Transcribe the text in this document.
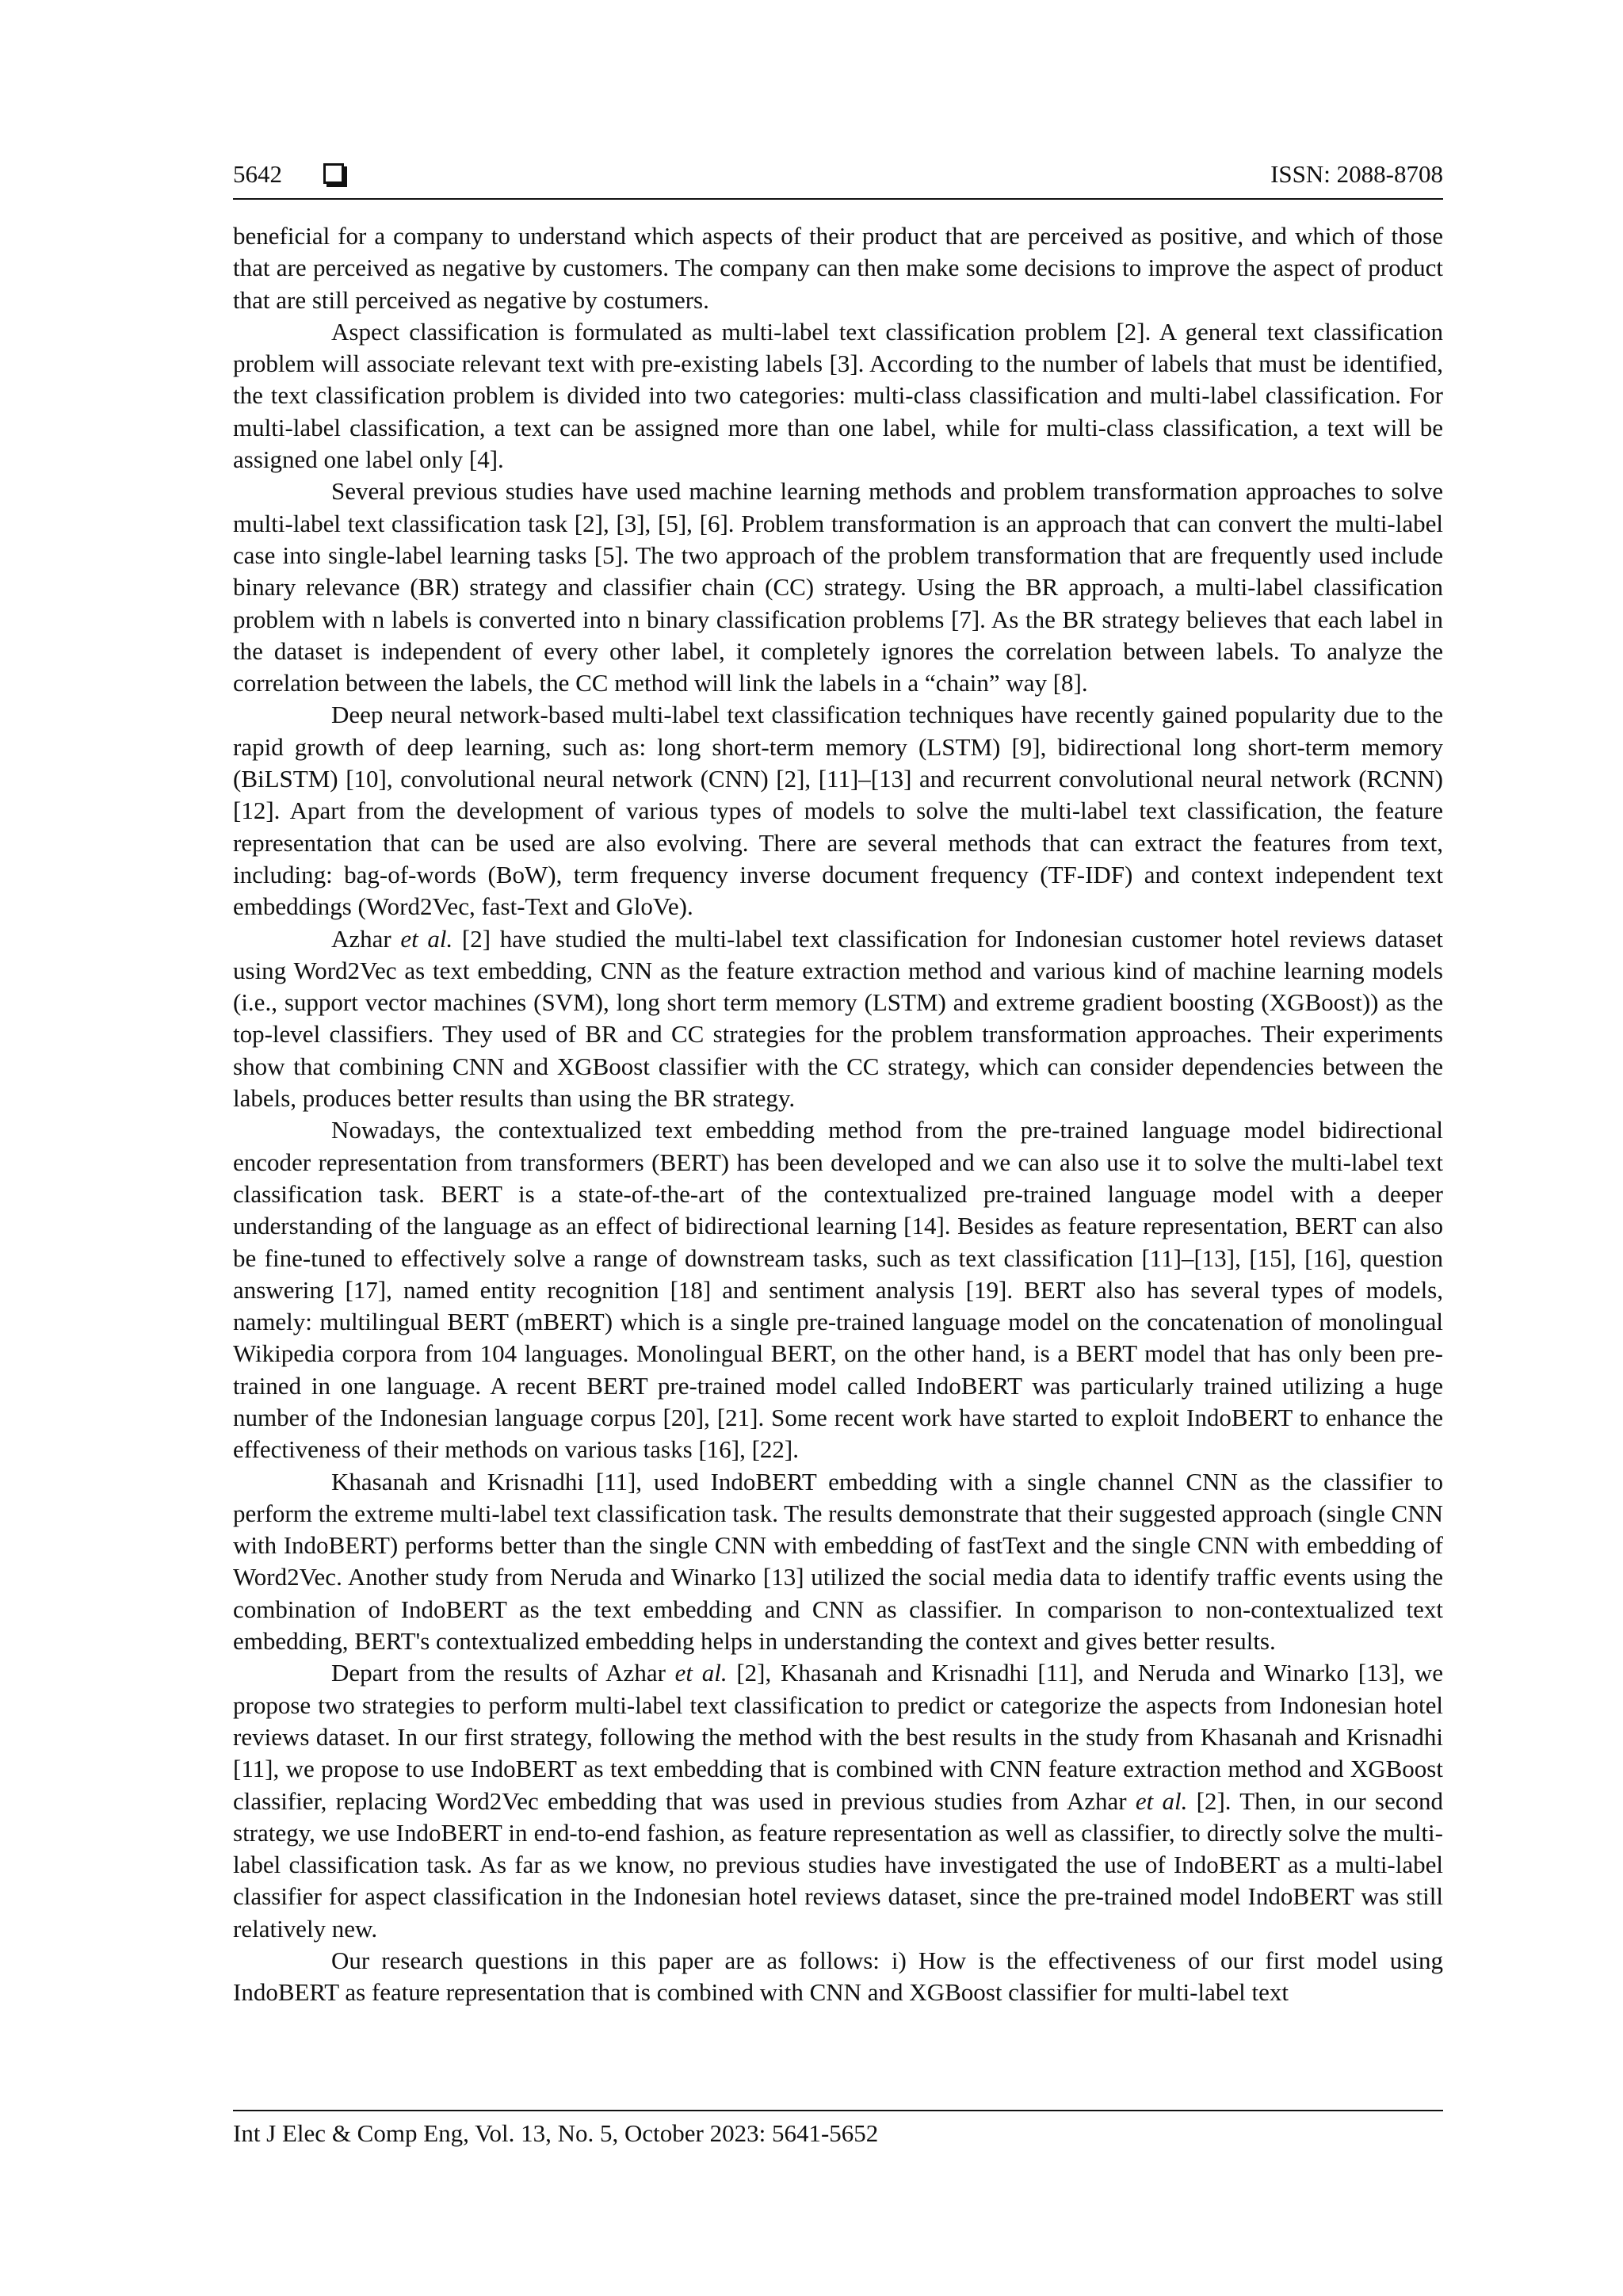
5642	ISSN: 2088-8708

beneficial for a company to understand which aspects of their product that are perceived as positive, and which of those that are perceived as negative by customers. The company can then make some decisions to improve the aspect of product that are still perceived as negative by costumers.

Aspect classification is formulated as multi-label text classification problem [2]. A general text classification problem will associate relevant text with pre-existing labels [3]. According to the number of labels that must be identified, the text classification problem is divided into two categories: multi-class classification and multi-label classification. For multi-label classification, a text can be assigned more than one label, while for multi-class classification, a text will be assigned one label only [4].

Several previous studies have used machine learning methods and problem transformation approaches to solve multi-label text classification task [2], [3], [5], [6]. Problem transformation is an approach that can convert the multi-label case into single-label learning tasks [5]. The two approach of the problem transformation that are frequently used include binary relevance (BR) strategy and classifier chain (CC) strategy. Using the BR approach, a multi-label classification problem with n labels is converted into n binary classification problems [7]. As the BR strategy believes that each label in the dataset is independent of every other label, it completely ignores the correlation between labels. To analyze the correlation between the labels, the CC method will link the labels in a “chain” way [8].

Deep neural network-based multi-label text classification techniques have recently gained popularity due to the rapid growth of deep learning, such as: long short-term memory (LSTM) [9], bidirectional long short-term memory (BiLSTM) [10], convolutional neural network (CNN) [2], [11]–[13] and recurrent convolutional neural network (RCNN) [12]. Apart from the development of various types of models to solve the multi-label text classification, the feature representation that can be used are also evolving. There are several methods that can extract the features from text, including: bag-of-words (BoW), term frequency inverse document frequency (TF-IDF) and context independent text embeddings (Word2Vec, fast-Text and GloVe).

Azhar et al. [2] have studied the multi-label text classification for Indonesian customer hotel reviews dataset using Word2Vec as text embedding, CNN as the feature extraction method and various kind of machine learning models (i.e., support vector machines (SVM), long short term memory (LSTM) and extreme gradient boosting (XGBoost)) as the top-level classifiers. They used of BR and CC strategies for the problem transformation approaches. Their experiments show that combining CNN and XGBoost classifier with the CC strategy, which can consider dependencies between the labels, produces better results than using the BR strategy.

Nowadays, the contextualized text embedding method from the pre-trained language model bidirectional encoder representation from transformers (BERT) has been developed and we can also use it to solve the multi-label text classification task. BERT is a state-of-the-art of the contextualized pre-trained language model with a deeper understanding of the language as an effect of bidirectional learning [14]. Besides as feature representation, BERT can also be fine-tuned to effectively solve a range of downstream tasks, such as text classification [11]–[13], [15], [16], question answering [17], named entity recognition [18] and sentiment analysis [19]. BERT also has several types of models, namely: multilingual BERT (mBERT) which is a single pre-trained language model on the concatenation of monolingual Wikipedia corpora from 104 languages. Monolingual BERT, on the other hand, is a BERT model that has only been pre-trained in one language. A recent BERT pre-trained model called IndoBERT was particularly trained utilizing a huge number of the Indonesian language corpus [20], [21]. Some recent work have started to exploit IndoBERT to enhance the effectiveness of their methods on various tasks [16], [22].

Khasanah and Krisnadhi [11], used IndoBERT embedding with a single channel CNN as the classifier to perform the extreme multi-label text classification task. The results demonstrate that their suggested approach (single CNN with IndoBERT) performs better than the single CNN with embedding of fastText and the single CNN with embedding of Word2Vec. Another study from Neruda and Winarko [13] utilized the social media data to identify traffic events using the combination of IndoBERT as the text embedding and CNN as classifier. In comparison to non-contextualized text embedding, BERT's contextualized embedding helps in understanding the context and gives better results.

Depart from the results of Azhar et al. [2], Khasanah and Krisnadhi [11], and Neruda and Winarko [13], we propose two strategies to perform multi-label text classification to predict or categorize the aspects from Indonesian hotel reviews dataset. In our first strategy, following the method with the best results in the study from Khasanah and Krisnadhi [11], we propose to use IndoBERT as text embedding that is combined with CNN feature extraction method and XGBoost classifier, replacing Word2Vec embedding that was used in previous studies from Azhar et al. [2]. Then, in our second strategy, we use IndoBERT in end-to-end fashion, as feature representation as well as classifier, to directly solve the multi-label classification task. As far as we know, no previous studies have investigated the use of IndoBERT as a multi-label classifier for aspect classification in the Indonesian hotel reviews dataset, since the pre-trained model IndoBERT was still relatively new.

Our research questions in this paper are as follows: i) How is the effectiveness of our first model using IndoBERT as feature representation that is combined with CNN and XGBoost classifier for multi-label text

Int J Elec & Comp Eng, Vol. 13, No. 5, October 2023: 5641-5652
